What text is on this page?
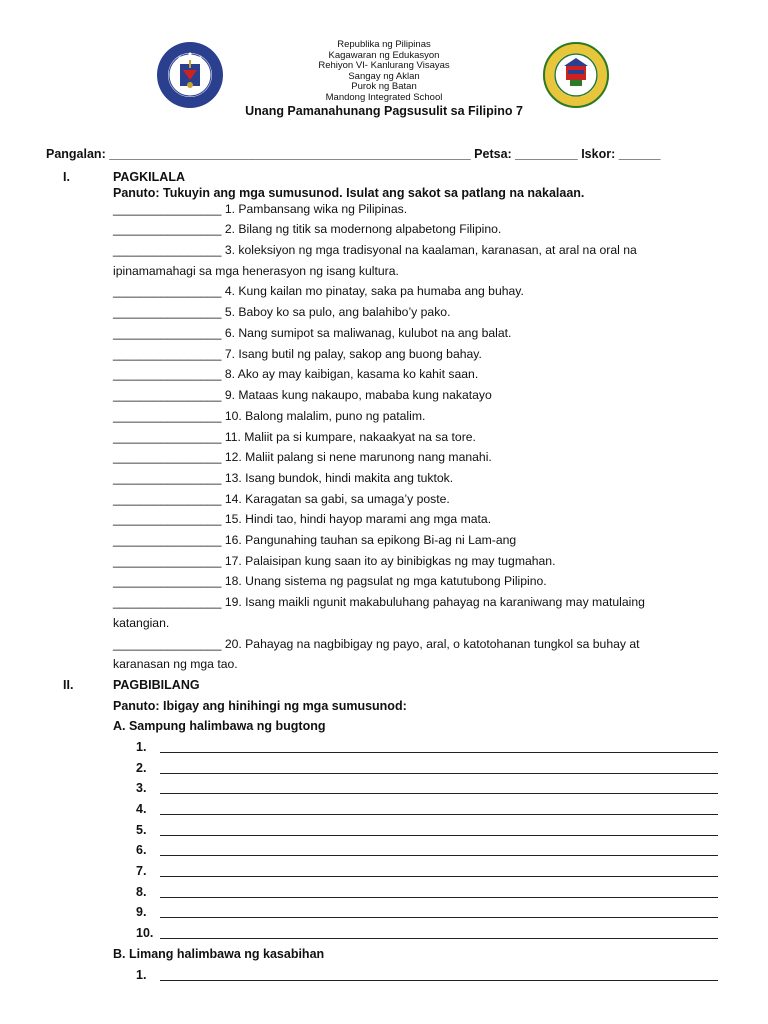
Republika ng Pilipinas
Kagawaran ng Edukasyon
Rehiyon VI- Kanlurang Visayas
Sangay ng Aklan
Purok ng Batan
Mandong Integrated School
Unang Pamanahunang Pagsusulit sa Filipino 7
Pangalan: ____________________________________________________ Petsa: _________ Iskor: ______
I.	PAGKILALA
Panuto: Tukuyin ang mga sumusunod. Isulat ang sakot sa patlang na nakalaan.
________________ 1. Pambansang wika ng Pilipinas.
________________ 2. Bilang ng titik sa modernong alpabetong Filipino.
________________ 3. koleksiyon ng mga tradisyonal na kaalaman, karanasan, at aral na oral na
ipinamamahagi sa mga henerasyon ng isang kultura.
________________ 4. Kung kailan mo pinatay, saka pa humaba ang buhay.
________________ 5. Baboy ko sa pulo, ang balahibo’y pako.
________________ 6. Nang sumipot sa maliwanag, kulubot na ang balat.
________________ 7. Isang butil ng palay, sakop ang buong bahay.
________________ 8. Ako ay may kaibigan, kasama ko kahit saan.
________________ 9. Mataas kung nakaupo, mababa kung nakatayo
________________ 10. Balong malalim, puno ng patalim.
________________ 11. Maliit pa si kumpare, nakaakyat na sa tore.
________________ 12. Maliit palang si nene marunong nang manahi.
________________ 13. Isang bundok, hindi makita ang tuktok.
________________ 14. Karagatan sa gabi, sa umaga’y poste.
________________ 15. Hindi tao, hindi hayop marami ang mga mata.
________________ 16. Pangunahing tauhan sa epikong Bi-ag ni Lam-ang
________________ 17. Palaisipan kung saan ito ay binibigkas ng may tugmahan.
________________ 18. Unang sistema ng pagsulat ng mga katutubong Pilipino.
________________ 19. Isang maikli ngunit makabuluhang pahayag na karaniwang may matulaing
katangian.
________________ 20. Pahayag na nagbibigay ng payo, aral, o katotohanan tungkol sa buhay at
karanasan ng mga tao.
II.	PAGBIBILANG
Panuto: Ibigay ang hinihingi ng mga sumusunod:
A. Sampung halimbawa ng bugtong
1.
2.
3.
4.
5.
6.
7.
8.
9.
10.
B. Limang halimbawa ng kasabihan
1.
